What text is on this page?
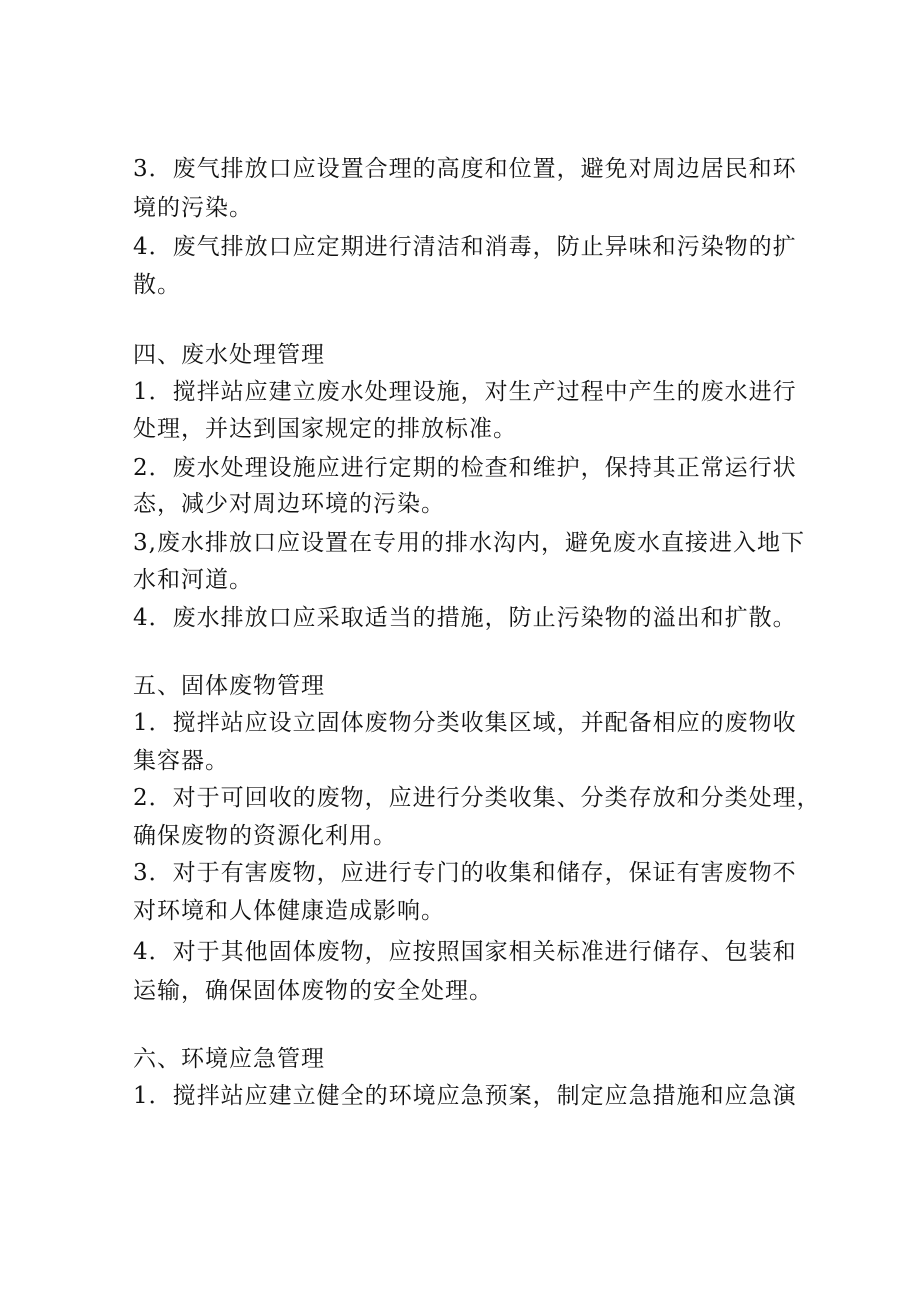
3．废气排放口应设置合理的高度和位置，避免对周边居民和环
境的污染。
4．废气排放口应定期进行清洁和消毒，防止异味和污染物的扩
散。
四、废水处理管理
1．搅拌站应建立废水处理设施，对生产过程中产生的废水进行
处理，并达到国家规定的排放标准。
2．废水处理设施应进行定期的检查和维护，保持其正常运行状
态，减少对周边环境的污染。
3,废水排放口应设置在专用的排水沟内，避免废水直接进入地下
水和河道。
4．废水排放口应采取适当的措施，防止污染物的溢出和扩散。
五、固体废物管理
1．搅拌站应设立固体废物分类收集区域，并配备相应的废物收
集容器。
2．对于可回收的废物，应进行分类收集、分类存放和分类处理，
确保废物的资源化利用。
3．对于有害废物，应进行专门的收集和储存，保证有害废物不
对环境和人体健康造成影响。
4．对于其他固体废物，应按照国家相关标准进行储存、包装和
运输，确保固体废物的安全处理。
六、环境应急管理
1．搅拌站应建立健全的环境应急预案，制定应急措施和应急演
